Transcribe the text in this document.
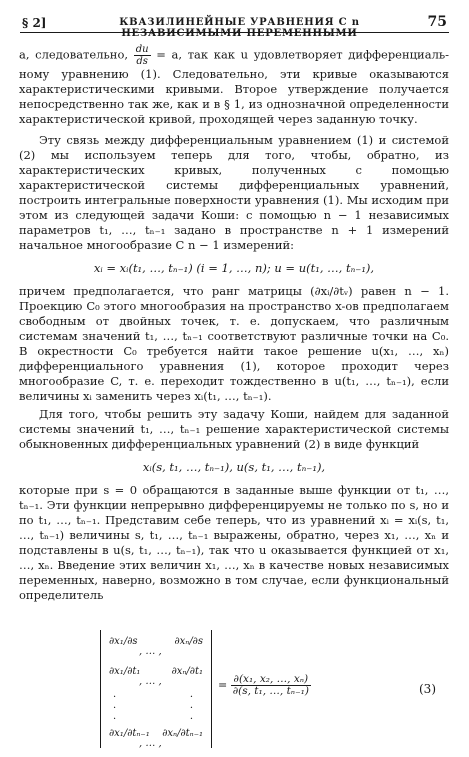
§ 2]	КВАЗИЛИНЕЙНЫЕ УРАВНЕНИЯ С n НЕЗАВИСИМЫМИ ПЕРЕМЕННЫМИ
75

а, следовательно, $\frac{du}{ds} = a$, так как u удовлетворяет дифференциаль- ному уравнению (1). Следовательно, эти кривые оказываются характеристическими кривыми. Второе утверждение получается непосредственно так же, как и в § 1, из однозначной определенности характеристической кривой, проходящей через заданную точку.

Эту связь между дифференциальным уравнением (1) и системой (2) мы используем теперь для того, чтобы, обратно, из характеристических кривых, полученных с помощью характеристической системы дифференциальных уравнений, построить интегральные поверхности уравнения (1). Мы исходим при этом из следующей задачи Коши: с помощью n − 1 независимых параметров t₁, …, tₙ₋₁ задано в пространстве n + 1 измерений начальное многообразие C n − 1 измерений:

xᵢ = xᵢ(t₁, …, tₙ₋₁) (i = 1, …, n); u = u(t₁, …, tₙ₋₁),

причем предполагается, что ранг матрицы (∂xᵢ/∂tᵥ) равен n − 1. Проекцию C₀ этого многообразия на пространство x-ов предполагаем свободным от двойных точек, т. е. допускаем, что различным системам значений t₁, …, tₙ₋₁ соответствуют различные точки на C₀. В окрестности C₀ требуется найти такое решение u(x₁, …, xₙ) дифференциального уравнения (1), которое проходит через многообразие C, т. е. переходит тождественно в u(t₁, …, tₙ₋₁), если величины xᵢ заменить через xᵢ(t₁, …, tₙ₋₁).

Для того, чтобы решить эту задачу Коши, найдем для заданной системы значений t₁, …, tₙ₋₁ решение характеристической системы обыкновенных дифференциальных уравнений (2) в виде функций

xᵢ(s, t₁, …, tₙ₋₁), u(s, t₁, …, tₙ₋₁),

которые при s = 0 обращаются в заданные выше функции от t₁, …, tₙ₋₁. Эти функции непрерывно дифференцируемы не только по s, но и по t₁, …, tₙ₋₁. Представим себе теперь, что из уравнений xᵢ = xᵢ(s, t₁, …, tₙ₋₁) величины s, t₁, …, tₙ₋₁ выражены, обратно, через x₁, …, xₙ и подставлены в u(s, t₁, …, tₙ₋₁), так что u оказывается функцией от x₁, …, xₙ. Введение этих величин x₁, …, xₙ в качестве новых независимых переменных, наверно, возможно в том случае, если функциональный определитель

∂x₁/∂s
, … ,
∂xₙ/∂s
∂x₁/∂t₁
, … ,
∂xₙ/∂t₁
·
·
·
·
·
·
∂x₁/∂tₙ₋₁
, … ,
∂xₙ/∂tₙ₋₁
= $\frac{\text{∂(x₁, x₂, …, xₙ)}}{\text{∂(s, t₁, …, tₙ₋₁)}}$	(3)
